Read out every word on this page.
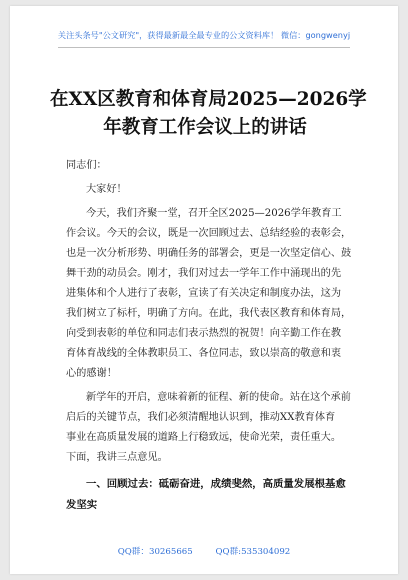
关注头条号"公文研究"，获得最新最全最专业的公文资料库！ 微信：gongwenyj
在XX区教育和体育局2025—2026学
年教育工作会议上的讲话
同志们：
大家好！
今天，我们齐聚一堂，召开全区2025—2026学年教育工
作会议。今天的会议，既是一次回顾过去、总结经验的表彰会，
也是一次分析形势、明确任务的部署会，更是一次坚定信心、鼓
舞干劲的动员会。刚才，我们对过去一学年工作中涌现出的先
进集体和个人进行了表彰，宣读了有关决定和制度办法，这为
我们树立了标杆，明确了方向。在此，我代表区教育和体育局，
向受到表彰的单位和同志们表示热烈的祝贺！向辛勤工作在教
育体育战线的全体教职员工、各位同志，致以崇高的敬意和衷
心的感谢！
新学年的开启，意味着新的征程、新的使命。站在这个承前
启后的关键节点，我们必须清醒地认识到，推动XX教育体育
事业在高质量发展的道路上行稳致远，使命光荣，责任重大。
下面，我讲三点意见。
一、回顾过去：砥砺奋进，成绩斐然，高质量发展根基愈
发坚实
QQ群：30265665	QQ群:535304092
